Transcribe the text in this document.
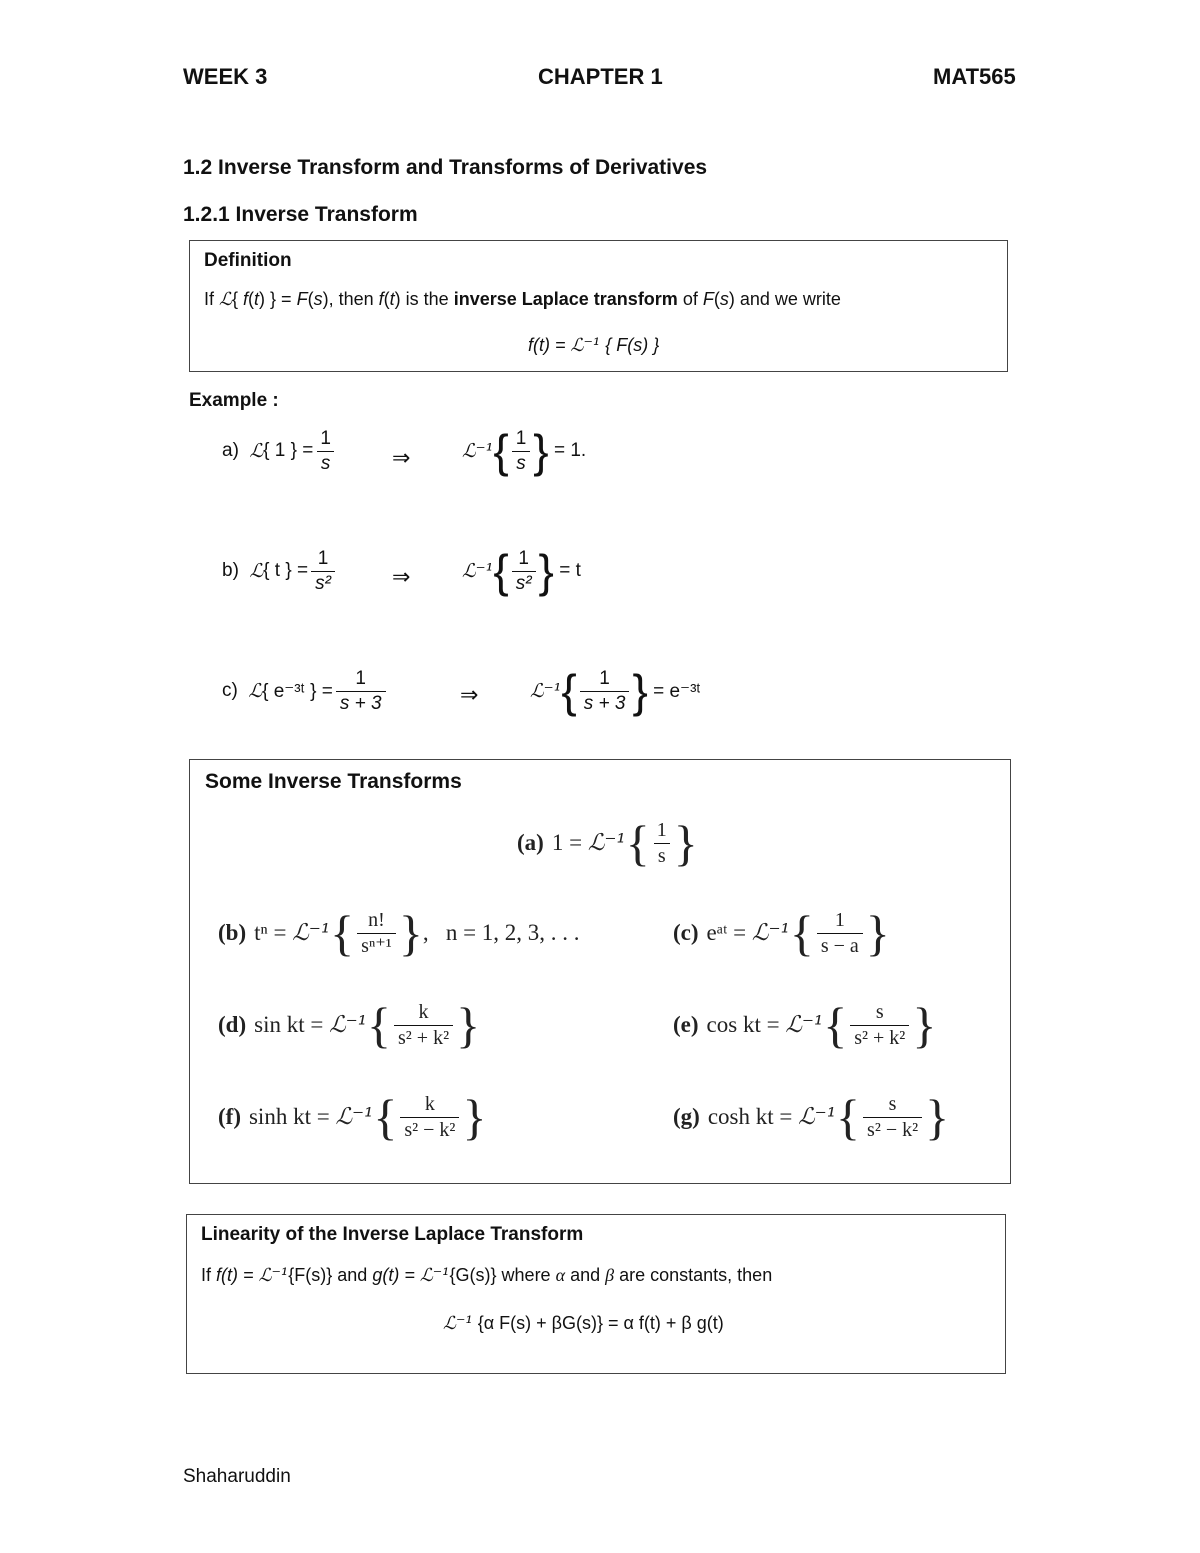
WEEK 3	CHAPTER 1	MAT565
1.2 Inverse Transform and Transforms of Derivatives
1.2.1 Inverse Transform
Definition
If ℒ{ f(t) } = F(s), then f(t) is the inverse Laplace transform of F(s) and we write
f(t) = ℒ⁻¹ { F(s) }
Example :
a)
ℒ { 1 } = $\frac{1}{s}$	⇒	ℒ⁻¹ { $\frac{1}{s}$ }
= 1.
b)
ℒ { t } = $\frac{1}{\text{s²}}$	⇒	ℒ⁻¹ { $\frac{1}{\text{s²}}$ }
= t
c)
ℒ { e⁻³ᵗ } = $\frac{1}{s + 3}$	⇒	ℒ⁻¹ { $\frac{1}{s + 3}$ }
= e⁻³ᵗ
Some Inverse Transforms
(a) 1 =
ℒ⁻¹ { $\frac{1}{s}$ }
(b) tⁿ =
ℒ⁻¹ { $\frac{n!}{\text{sⁿ⁺¹}}$ } ,   n = 1, 2, 3, . . .	(c) eᵃᵗ =
ℒ⁻¹ { $\frac{1}{s - a}$ }
(d) sin kt =
ℒ⁻¹ { $\frac{k}{\text{s² + k²}}$ }	(e) cos kt =
ℒ⁻¹ { $\frac{s}{\text{s² + k²}}$ }
(f) sinh kt =
ℒ⁻¹ { $\frac{k}{\text{s² − k²}}$ }	(g) cosh kt =
ℒ⁻¹ { $\frac{s}{\text{s² − k²}}$ }
Linearity of the Inverse Laplace Transform
If f(t) = ℒ⁻¹{F(s)} and g(t) = ℒ⁻¹{G(s)} where α and β are constants, then
ℒ⁻¹ {α F(s) + βG(s)} = α f(t) + β g(t)
Shaharuddin
